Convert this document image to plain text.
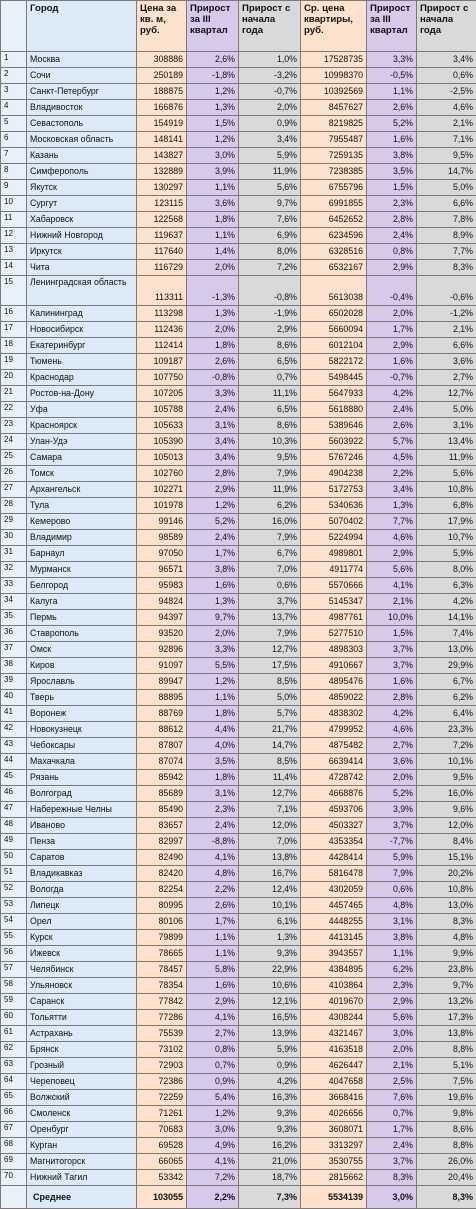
	Город	Цена за кв. м, руб.	Прирост за III квартал	Прирост с начала года	Ср. цена квартиры, руб.	Прирост за III квартал	Прирост с начала года
1	Москва	308886	2,6%	1,0%	17528735	3,3%	3,4%
2	Сочи	250189	-1,8%	-3,2%	10998370	-0,5%	0,6%
3	Санкт-Петербург	188875	1,2%	-0,7%	10392569	1,1%	-2,5%
4	Владивосток	166876	1,3%	2,0%	8457627	2,6%	4,6%
5	Севастополь	154919	1,5%	0,9%	8219825	5,2%	2,1%
6	Московская область	148141	1,2%	3,4%	7955487	1,6%	7,1%
7	Казань	143827	3,0%	5,9%	7259135	3,8%	9,5%
8	Симферополь	132889	3,9%	11,9%	7238385	3,5%	14,7%
9	Якутск	130297	1,1%	5,6%	6755796	1,5%	5,0%
10	Сургут	123115	3,6%	9,7%	6991855	2,3%	6,6%
11	Хабаровск	122568	1,8%	7,6%	6452652	2,8%	7,8%
12	Нижний Новгород	119637	1,1%	6,9%	6234596	2,4%	8,9%
13	Иркутск	117640	1,4%	8,0%	6328516	0,8%	7,7%
14	Чита	116729	2,0%	7,2%	6532167	2,9%	8,3%
15	Ленинградская область	113311	-1,3%	-0,8%	5613038	-0,4%	-0,6%
16	Калининград	113298	1,3%	-1,9%	6502028	2,0%	-1,2%
17	Новосибирск	112436	2,0%	2,9%	5660094	1,7%	2,1%
18	Екатеринбург	112414	1,8%	8,6%	6012104	2,9%	6,6%
19	Тюмень	109187	2,6%	6,5%	5822172	1,6%	3,6%
20	Краснодар	107750	-0,8%	0,7%	5498445	-0,7%	2,7%
21	Ростов-на-Дону	107205	3,3%	11,1%	5647933	4,2%	12,7%
22	Уфа	105788	2,4%	6,5%	5618880	2,4%	5,0%
23	Красноярск	105633	3,1%	8,6%	5389646	2,6%	3,1%
24	Улан-Удэ	105390	3,4%	10,3%	5603922	5,7%	13,4%
25	Самара	105013	3,4%	9,5%	5767246	4,5%	11,9%
26	Томск	102760	2,8%	7,9%	4904238	2,2%	5,6%
27	Архангельск	102271	2,9%	11,9%	5172753	3,4%	10,8%
28	Тула	101978	1,2%	6,2%	5340636	1,3%	6,8%
29	Кемерово	99146	5,2%	16,0%	5070402	7,7%	17,9%
30	Владимир	98589	2,4%	7,9%	5224994	4,6%	10,7%
31	Барнаул	97050	1,7%	6,7%	4989801	2,9%	5,9%
32	Мурманск	96571	3,8%	7,0%	4911774	5,6%	8,0%
33	Белгород	95983	1,6%	0,6%	5570666	4,1%	6,3%
34	Калуга	94824	1,3%	3,7%	5145347	2,1%	4,2%
35	Пермь	94397	9,7%	13,7%	4987761	10,0%	14,1%
36	Ставрополь	93520	2,0%	7,9%	5277510	1,5%	7,4%
37	Омск	92896	3,3%	12,7%	4898303	3,7%	13,0%
38	Киров	91097	5,5%	17,5%	4910667	3,7%	29,9%
39	Ярославль	89947	1,2%	8,5%	4895476	1,6%	6,7%
40	Тверь	88895	1,1%	5,0%	4859022	2,8%	6,2%
41	Воронеж	88769	1,8%	5,7%	4838302	4,2%	6,4%
42	Новокузнецк	88612	4,4%	21,7%	4799952	4,6%	23,3%
43	Чебоксары	87807	4,0%	14,7%	4875482	2,7%	7,2%
44	Махачкала	87074	3,5%	8,5%	6639414	3,6%	10,1%
45	Рязань	85942	1,8%	11,4%	4728742	2,0%	9,5%
46	Волгоград	85689	3,1%	12,7%	4668876	5,2%	16,0%
47	Набережные Челны	85490	2,3%	7,1%	4593706	3,9%	9,6%
48	Иваново	83657	2,4%	12,0%	4503327	3,7%	12,0%
49	Пенза	82997	-8,8%	7,0%	4353354	-7,7%	8,4%
50	Саратов	82490	4,1%	13,8%	4428414	5,9%	15,1%
51	Владикавказ	82420	4,8%	16,7%	5816478	7,9%	20,2%
52	Вологда	82254	2,2%	12,4%	4302059	0,6%	10,8%
53	Липецк	80995	2,6%	10,1%	4457465	4,8%	13,0%
54	Орел	80106	1,7%	6,1%	4448255	3,1%	8,3%
55	Курск	79899	1,1%	1,3%	4413145	3,8%	4,8%
56	Ижевск	78665	1,1%	9,3%	3943557	1,1%	9,9%
57	Челябинск	78457	5,8%	22,9%	4384895	6,2%	23,8%
58	Ульяновск	78354	1,6%	10,6%	4103864	2,3%	9,7%
59	Саранск	77842	2,9%	12,1%	4019670	2,9%	13,2%
60	Тольятти	77286	4,1%	16,5%	4308244	5,6%	17,3%
61	Астрахань	75539	2,7%	13,9%	4321467	3,0%	13,8%
62	Брянск	73102	0,8%	5,9%	4163518	2,0%	8,8%
63	Грозный	72903	0,7%	0,9%	4626447	2,1%	5,1%
64	Череповец	72386	0,9%	4,2%	4047658	2,5%	7,5%
65	Волжский	72259	5,4%	16,3%	3668416	7,6%	19,6%
66	Смоленск	71261	1,2%	9,3%	4026656	0,7%	9,8%
67	Оренбург	70683	3,0%	9,3%	3608071	1,7%	8,6%
68	Курган	69528	4,9%	16,2%	3313297	2,4%	8,8%
69	Магнитогорск	66065	4,1%	21,0%	3530755	3,7%	26,0%
70	Нижний Тагил	53342	7,2%	18,7%	2815662	8,3%	20,4%
	Среднее	103055	2,2%	7,3%	5534139	3,0%	8,3%
